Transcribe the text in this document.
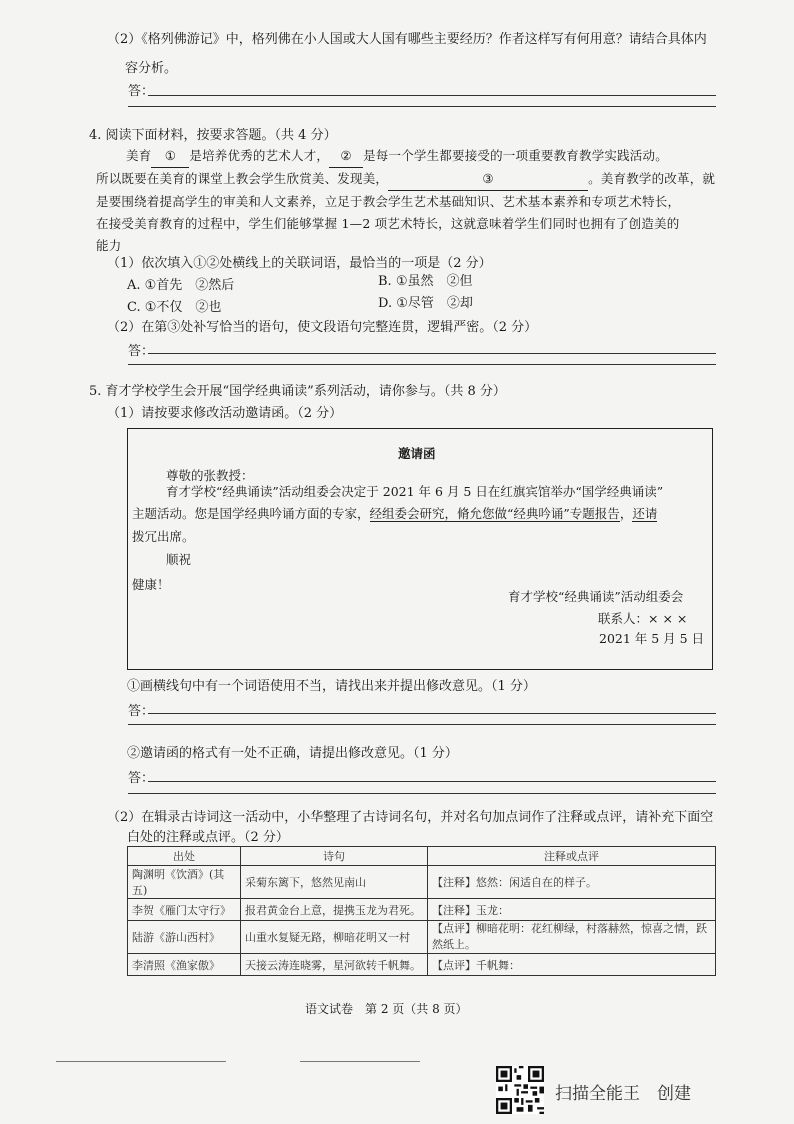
（2）《格列佛游记》中，格列佛在小人国或大人国有哪些主要经历？作者这样写有何用意？请结合具体内
容分析。
答：
4. 阅读下面材料，按要求答题。（共 4 分）
美育 ① 是培养优秀的艺术人才， ② 是每一个学生都要接受的一项重要教育教学实践活动。
所以既要在美育的课堂上教会学生欣赏美、发现美，	③	。美育教学的改革，就
是要围绕着提高学生的审美和人文素养，立足于教会学生艺术基础知识、艺术基本素养和专项艺术特长，
在接受美育教育的过程中，学生们能够掌握 1—2 项艺术特长，这就意味着学生们同时也拥有了创造美的
能力
（1）依次填入①②处横线上的关联词语，最恰当的一项是（2 分）
A. ①首先　②然后	B. ①虽然　②但
C. ①不仅　②也	D. ①尽管　②却
（2）在第③处补写恰当的语句，使文段语句完整连贯，逻辑严密。（2 分）
答：
5. 育才学校学生会开展“国学经典诵读”系列活动，请你参与。（共 8 分）
（1）请按要求修改活动邀请函。（2 分）
邀请函
尊敬的张教授：
育才学校“经典诵读”活动组委会决定于 2021 年 6 月 5 日在红旗宾馆举办“国学经典诵读”
主题活动。您是国学经典吟诵方面的专家，经组委会研究，脩允您做“经典吟诵”专题报告，还请
拨冗出席。
顺祝
健康！
育才学校“经典诵读”活动组委会
联系人：× × ×
2021 年 5 月 5 日
①画横线句中有一个词语使用不当，请找出来并提出修改意见。（1 分）
答：
②邀请函的格式有一处不正确，请提出修改意见。（1 分）
答：
（2）在辑录古诗词这一活动中，小华整理了古诗词名句，并对名句加点词作了注释或点评，请补充下面空
白处的注释或点评。（2 分）
出处	诗句	注释或点评
陶渊明《饮酒》(其五)	采菊东篱下，悠然见南山	【注释】悠然：闲适自在的样子。
李贺《雁门太守行》	报君黄金台上意，提携玉龙为君死。	【注释】玉龙：
陆游《游山西村》	山重水复疑无路，柳暗花明又一村	【点评】柳暗花明：花红柳绿，村落赫然，惊喜之情，跃然纸上。
李清照《渔家傲》	天接云涛连晓雾，星河欲转千帆舞。	【点评】千帆舞：
语文试卷　第 2 页（共 8 页）
扫描全能王　创建
